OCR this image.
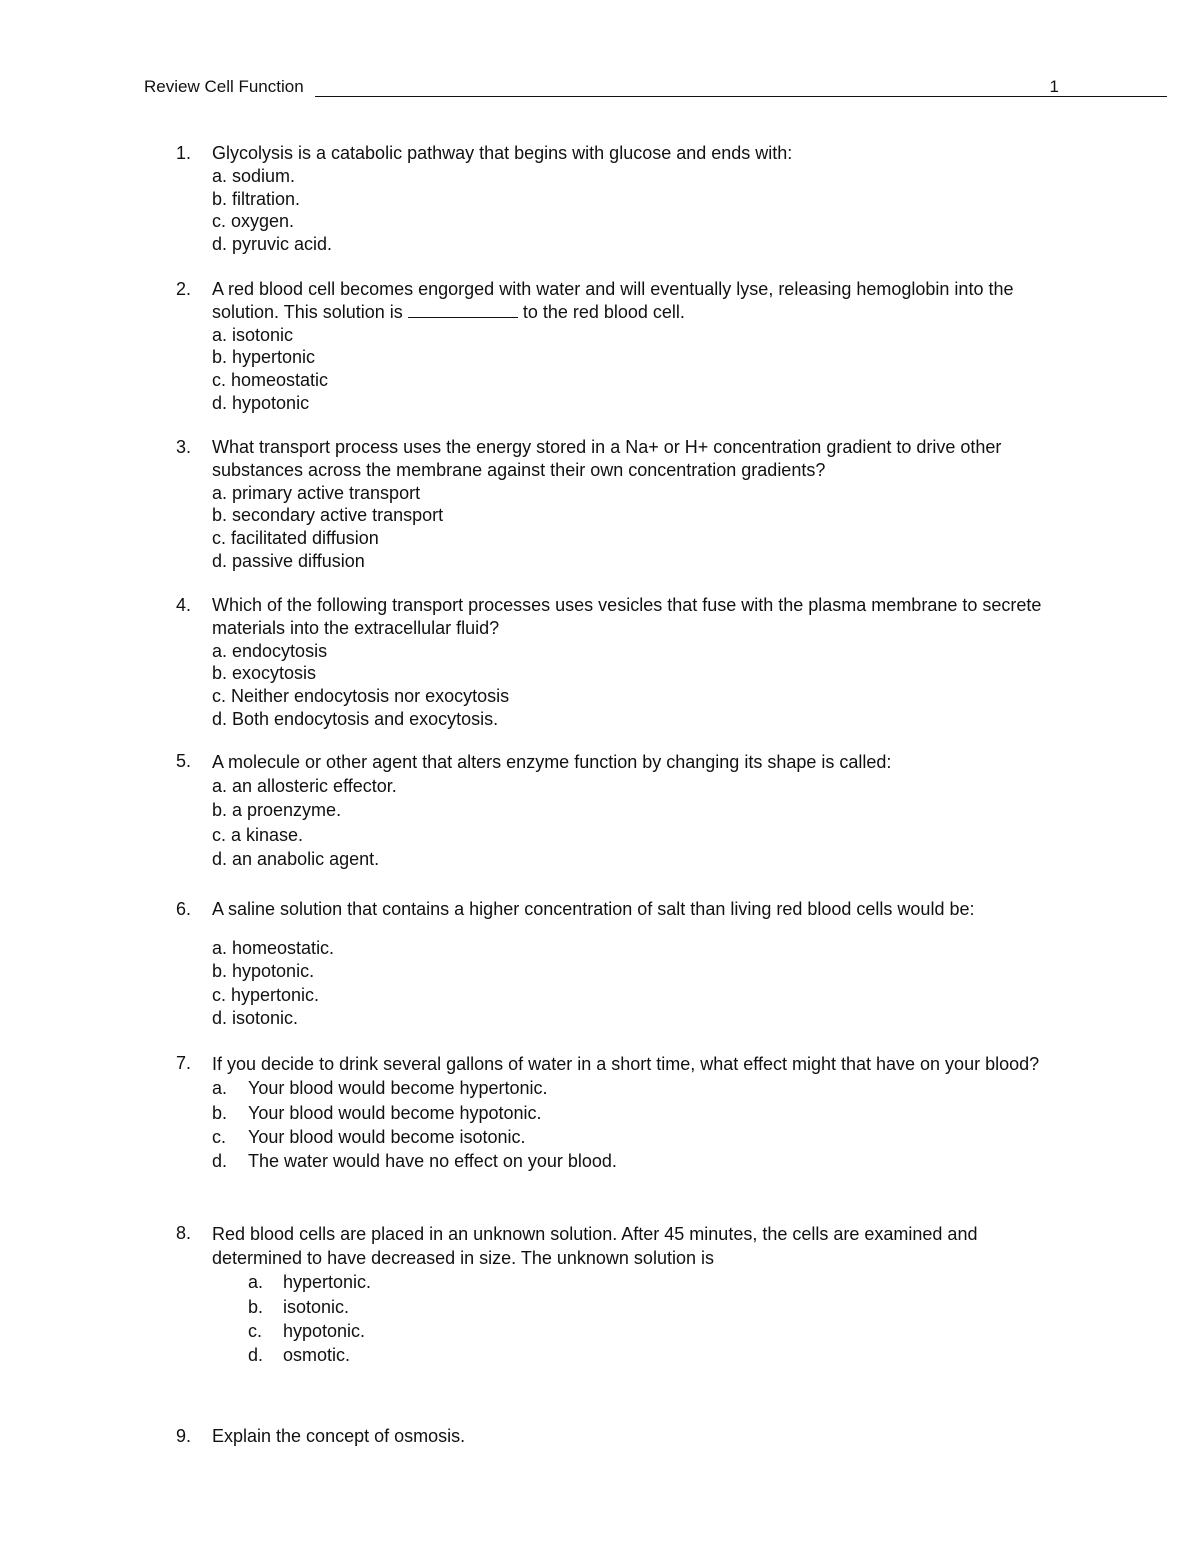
Review Cell Function	1
1. Glycolysis is a catabolic pathway that begins with glucose and ends with:
a. sodium.
b. filtration.
c. oxygen.
d. pyruvic acid.
2. A red blood cell becomes engorged with water and will eventually lyse, releasing hemoglobin into the solution. This solution is	to the red blood cell.
a. isotonic
b. hypertonic
c. homeostatic
d. hypotonic
3. What transport process uses the energy stored in a Na+ or H+ concentration gradient to drive other substances across the membrane against their own concentration gradients?
a. primary active transport
b. secondary active transport
c. facilitated diffusion
d. passive diffusion
4. Which of the following transport processes uses vesicles that fuse with the plasma membrane to secrete materials into the extracellular fluid?
a. endocytosis
b. exocytosis
c. Neither endocytosis nor exocytosis
d. Both endocytosis and exocytosis.
5. A molecule or other agent that alters enzyme function by changing its shape is called:
a. an allosteric effector.
b. a proenzyme.
c. a kinase.
d. an anabolic agent.
6. A saline solution that contains a higher concentration of salt than living red blood cells would be:
a. homeostatic.
b. hypotonic.
c. hypertonic.
d. isotonic.
7. If you decide to drink several gallons of water in a short time, what effect might that have on your blood?
a.	Your blood would become hypertonic.
b.	Your blood would become hypotonic.
c.	Your blood would become isotonic.
d.	The water would have no effect on your blood.
8. Red blood cells are placed in an unknown solution. After 45 minutes, the cells are examined and determined to have decreased in size. The unknown solution is
a.	hypertonic.
b.	isotonic.
c.	hypotonic.
d.	osmotic.
9. Explain the concept of osmosis.
